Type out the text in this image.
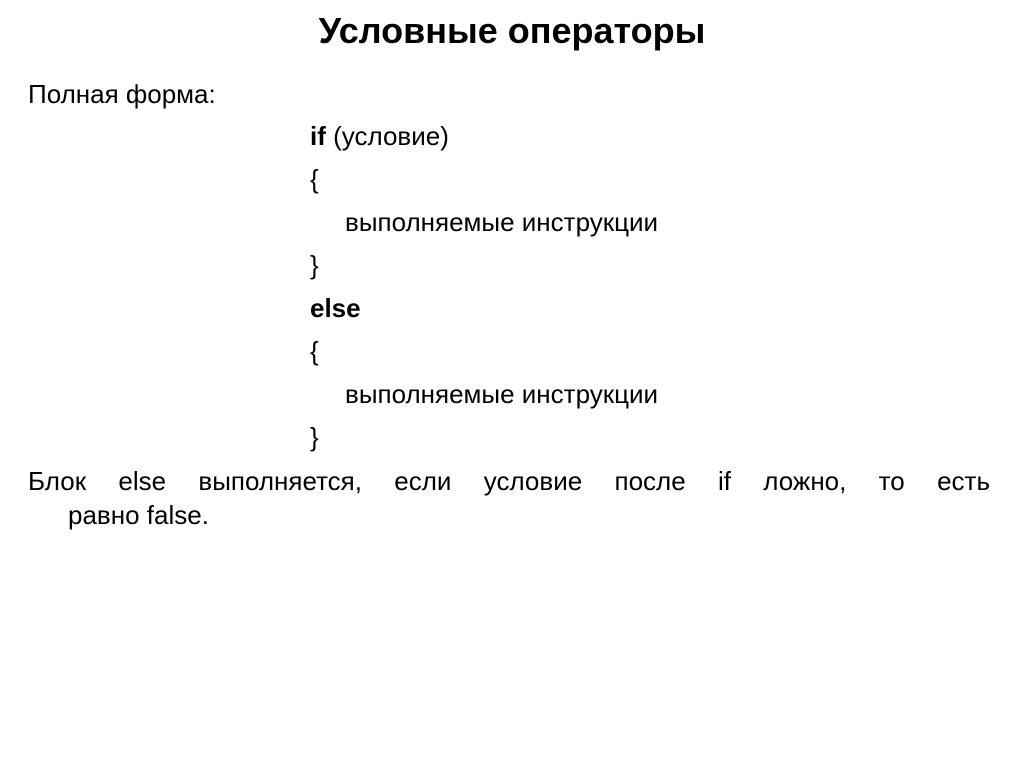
Условные операторы
Полная форма:
if (условие)
{
выполняемые инструкции
}
else
{
выполняемые инструкции
}
Блок else выполняется, если условие после if ложно, то есть
равно false.
